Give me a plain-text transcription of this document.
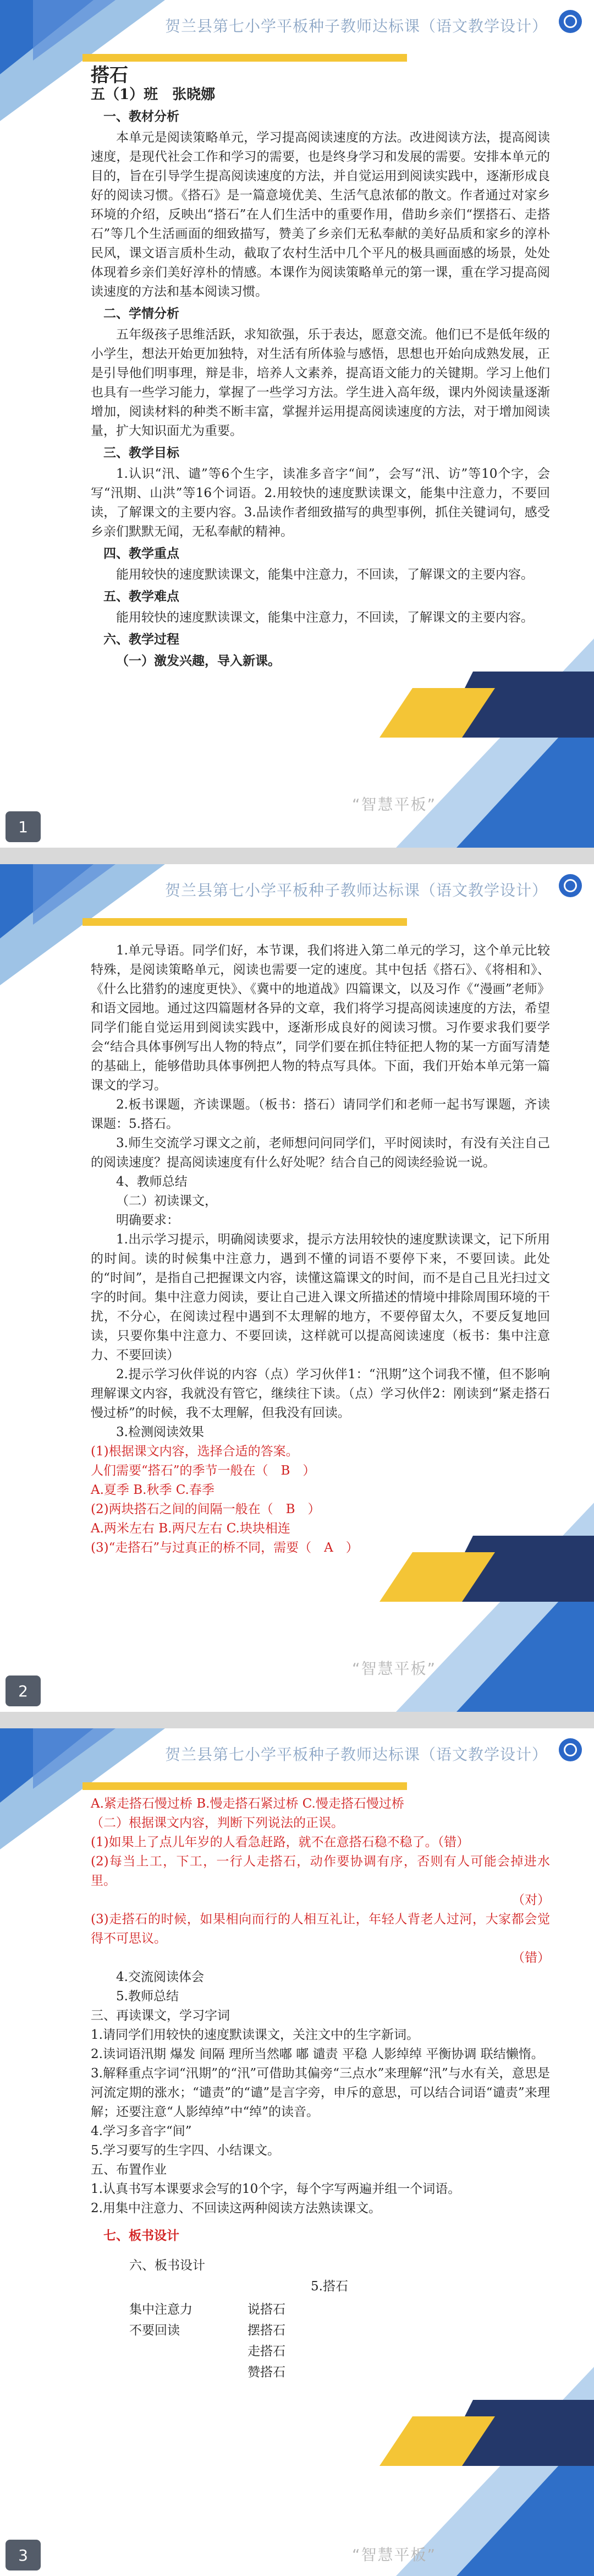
贺兰县第七小学平板种子教师达标课（语文教学设计）

搭石

五（1）班　张晓娜

一、教材分析

本单元是阅读策略单元，学习提高阅读速度的方法。改进阅读方法，提高阅读速度，是现代社会工作和学习的需要，也是终身学习和发展的需要。安排本单元的目的，旨在引导学生提高阅读速度的方法，并自觉运用到阅读实践中，逐渐形成良好的阅读习惯。《搭石》是一篇意境优美、生活气息浓郁的散文。作者通过对家乡环境的介绍，反映出“搭石”在人们生活中的重要作用，借助乡亲们“摆搭石、走搭石”等几个生活画面的细致描写，赞美了乡亲们无私奉献的美好品质和家乡的淳朴民风，课文语言质朴生动，截取了农村生活中几个平凡的极具画面感的场景，处处体现着乡亲们美好淳朴的情感。本课作为阅读策略单元的第一课，重在学习提高阅读速度的方法和基本阅读习惯。

二、学情分析

五年级孩子思维活跃，求知欲强，乐于表达，愿意交流。他们已不是低年级的小学生，想法开始更加独特，对生活有所体验与感悟，思想也开始向成熟发展，正是引导他们明事理，辩是非，培养人文素养，提高语文能力的关键期。学习上他们也具有一些学习能力，掌握了一些学习方法。学生进入高年级，课内外阅读量逐渐增加，阅读材料的种类不断丰富，掌握并运用提高阅读速度的方法，对于增加阅读量，扩大知识面尤为重要。

三、教学目标

1.认识“汛、谴”等6个生字，读准多音字“间”，会写“汛、访”等10个字，会写“汛期、山洪”等16个词语。2.用较快的速度默读课文，能集中注意力，不要回读，了解课文的主要内容。3.品读作者细致描写的典型事例，抓住关键词句，感受乡亲们默默无闻，无私奉献的精神。

四、教学重点

能用较快的速度默读课文，能集中注意力，不回读，了解课文的主要内容。

五、教学难点

能用较快的速度默读课文，能集中注意力，不回读，了解课文的主要内容。

六、教学过程

（一）激发兴趣，导入新课。

“智慧平板”
1
贺兰县第七小学平板种子教师达标课（语文教学设计）

1.单元导语。同学们好，本节课，我们将进入第二单元的学习，这个单元比较特殊，是阅读策略单元，阅读也需要一定的速度。其中包括《搭石》、《将相和》、《什么比猎豹的速度更快》、《冀中的地道战》四篇课文，以及习作《“漫画”老师》和语文园地。通过这四篇题材各异的文章，我们将学习提高阅读速度的方法，希望同学们能自觉运用到阅读实践中，逐渐形成良好的阅读习惯。习作要求我们要学会“结合具体事例写出人物的特点”，同学们要在抓住特征把人物的某一方面写清楚的基础上，能够借助具体事例把人物的特点写具体。下面，我们开始本单元第一篇课文的学习。

2.板书课题，齐读课题。（板书：搭石）请同学们和老师一起书写课题，齐读课题：5.搭石。

3.师生交流学习课文之前，老师想问问同学们，平时阅读时，有没有关注自己的阅读速度？提高阅读速度有什么好处呢？结合自己的阅读经验说一说。

4、教师总结

（二）初读课文，

明确要求：

1.出示学习提示，明确阅读要求，提示方法用较快的速度默读课文，记下所用的时间。读的时候集中注意力，遇到不懂的词语不要停下来，不要回读。此处的“时间”，是指自己把握课文内容，读懂这篇课文的时间，而不是自己且光扫过文字的时间。集中注意力阅读，要让自己进入课文所描述的情境中排除周围环境的干扰，不分心，在阅读过程中遇到不太理解的地方，不要停留太久，不要反复地回读，只要你集中注意力、不要回读，这样就可以提高阅读速度（板书：集中注意力、不要回读）

2.提示学习伙伴说的内容（点）学习伙伴1：“汛期”这个词我不懂，但不影响理解课文内容，我就没有管它，继续往下读。（点）学习伙伴2：刚读到“紧走搭石慢过桥”的时候，我不太理解，但我没有回读。

3.检测阅读效果

(1)根据课文内容，选择合适的答案。

人们需要“搭石”的季节一般在（　B　）

A.夏季 B.秋季 C.春季

(2)两块搭石之间的间隔一般在（　B　）

A.两米左右 B.两尺左右 C.块块相连

(3)“走搭石”与过真正的桥不同，需要（　A　）

“智慧平板”
2
贺兰县第七小学平板种子教师达标课（语文教学设计）

A.紧走搭石慢过桥 B.慢走搭石紧过桥 C.慢走搭石慢过桥

（二）根据课文内容，判断下列说法的正误。

(1)如果上了点儿年岁的人看急赶路，就不在意搭石稳不稳了。（错）

(2)每当上工，下工，一行人走搭石，动作要协调有序，否则有人可能会掉进水里。

（对）

(3)走搭石的时候，如果相向而行的人相互礼让，年轻人背老人过河，大家都会觉得不可思议。

（错）

4.交流阅读体会

5.教师总结

三、再读课文，学习字词

1.请同学们用较快的速度默读课文，关注文中的生字新词。

2.读词语汛期 爆发 间隔 理所当然嘟 嘟 谴责 平稳 人影绰绰 平衡协调 联结懒惰。

3.解释重点字词“汛期”的“汛”可借助其偏旁“三点水”来理解“汛”与水有关，意思是河流定期的涨水；“谴责”的“谴”是言字旁，申斥的意思，可以结合词语“谴责”来理解；还要注意“人影绰绰”中“绰”的读音。

4.学习多音字“间”

5.学习要写的生字四、小结课文。

五、布置作业

1.认真书写本课要求会写的10个字，每个字写两遍并组一个词语。

2.用集中注意力、不回读这两种阅读方法熟读课文。

七、板书设计

六、板书设计
5.搭石
集中注意力
不要回读
说搭石
摆搭石
走搭石
赞搭石
“智慧平板”
3
